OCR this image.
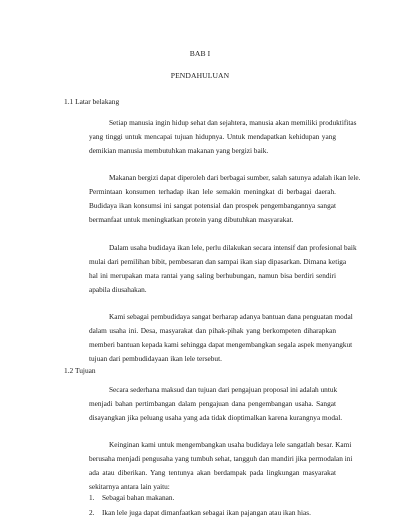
BAB I
PENDAHULUAN
1.1 Latar belakang

Setiap manusia ingin hidup sehat dan sejahtera, manusia akan memiliki produktifitas
yang tinggi untuk mencapai tujuan hidupnya. Untuk mendapatkan kehidupan yang
demikian manusia membutuhkan makanan yang bergizi baik.

Makanan bergizi dapat diperoleh dari berbagai sumber, salah satunya adalah ikan lele.
Permintaan konsumen terhadap ikan lele semakin meningkat di berbagai daerah.
Budidaya ikan konsumsi ini sangat potensial dan prospek pengembangannya sangat
bermanfaat untuk meningkatkan protein yang dibutuhkan masyarakat.

Dalam usaha budidaya ikan lele, perlu dilakukan secara intensif dan profesional baik
mulai dari pemilihan bibit, pembesaran dan sampai ikan siap dipasarkan. Dimana ketiga
hal ini merupakan mata rantai yang saling berhubungan, namun bisa berdiri sendiri
apabila diusahakan.

Kami sebagai pembudidaya sangat berharap adanya bantuan dana penguatan modal
dalam usaha ini. Desa, masyarakat dan pihak-pihak yang berkompeten diharapkan
memberi bantuan kepada kami sehingga dapat mengembangkan segala aspek menyangkut
tujuan dari pembudidayaan ikan lele tersebut.

1.2 Tujuan

Secara sederhana maksud dan tujuan dari pengajuan proposal ini adalah untuk
menjadi bahan pertimbangan dalam pengajuan dana pengembangan usaha. Sangat
disayangkan jika peluang usaha yang ada tidak dioptimalkan karena kurangnya modal.

Keinginan kami untuk mengembangkan usaha budidaya lele sangatlah besar. Kami
berusaha menjadi pengusaha yang tumbuh sehat, tangguh dan mandiri jika permodalan ini
ada atau diberikan. Yang tentunya akan berdampak pada lingkungan masyarakat
sekitarnya antara lain yaitu:

1. Sebagai bahan makanan.
2. Ikan lele juga dapat dimanfaatkan sebagai ikan pajangan atau ikan hias.
